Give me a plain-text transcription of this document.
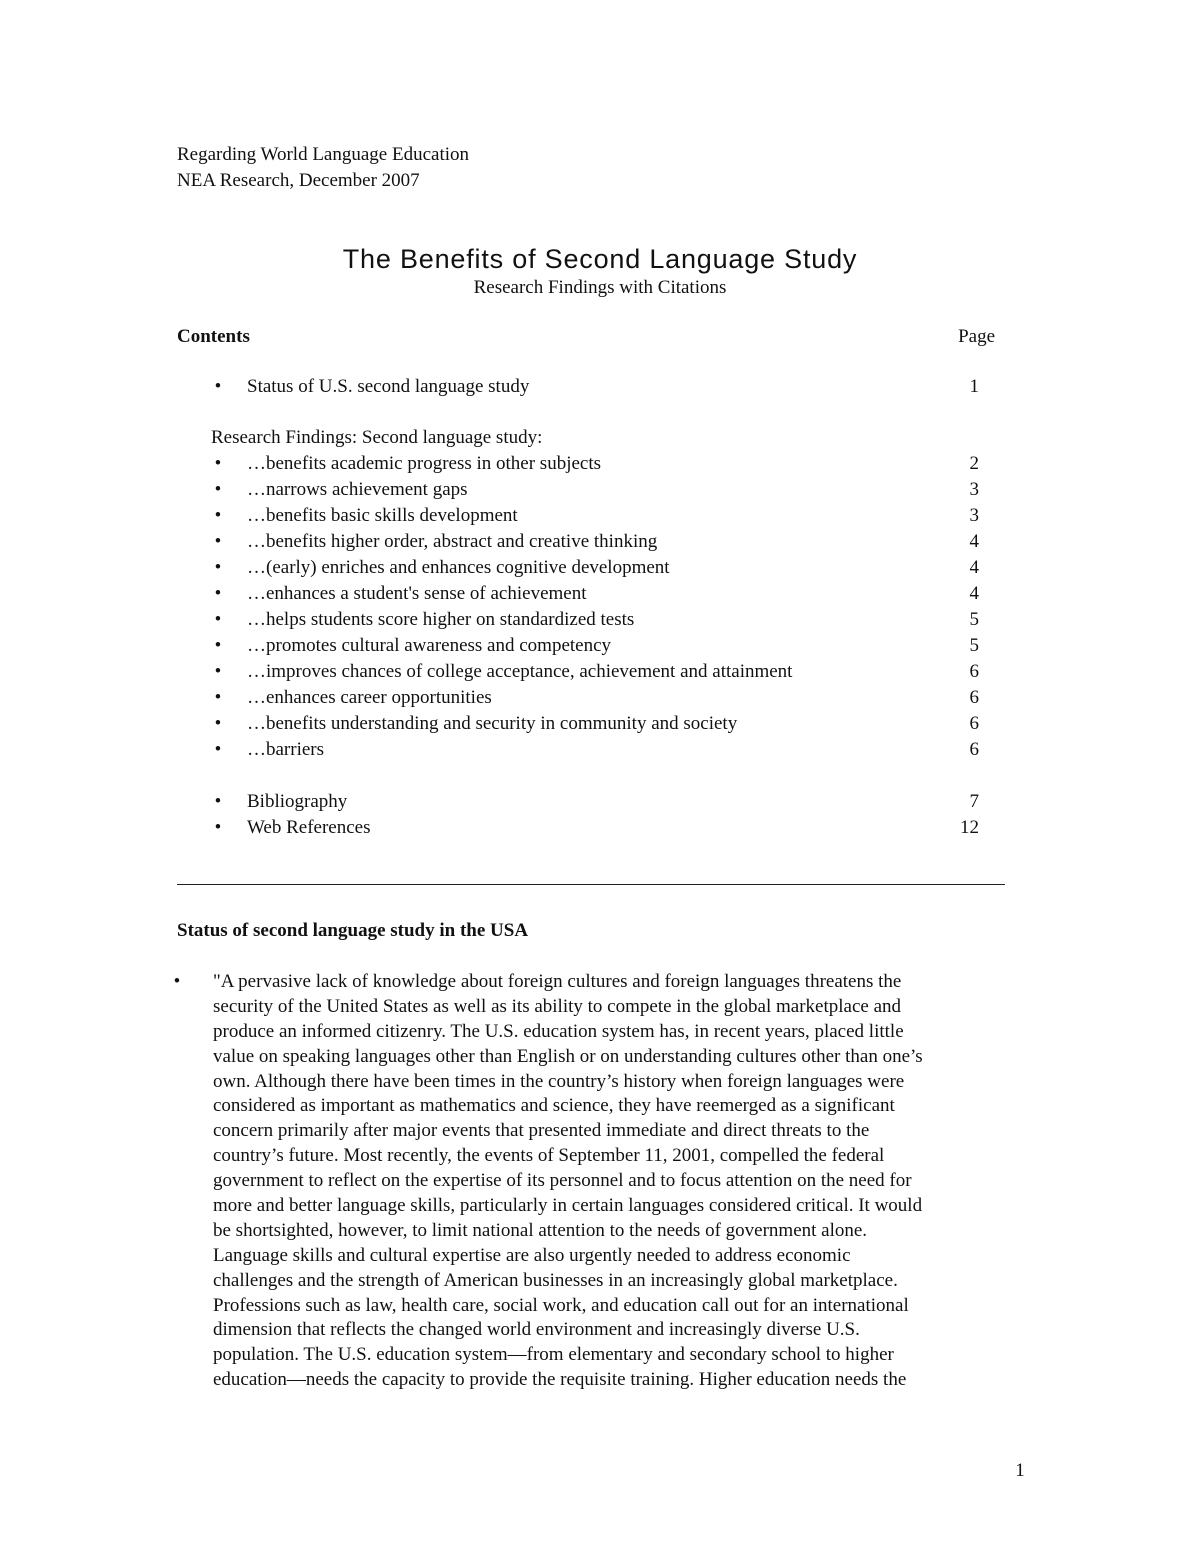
Regarding World Language Education
NEA Research, December 2007
The Benefits of Second Language Study
Research Findings with Citations
Contents	Page
• Status of U.S. second language study	1
Research Findings: Second language study:
• …benefits academic progress in other subjects	2
• …narrows achievement gaps	3
• …benefits basic skills development	3
• …benefits higher order, abstract and creative thinking	4
• …(early) enriches and enhances cognitive development	4
• …enhances a student's sense of achievement	4
• …helps students score higher on standardized tests	5
• …promotes cultural awareness and competency	5
• …improves chances of college acceptance, achievement and attainment	6
• …enhances career opportunities	6
• …benefits understanding and security in community and society	6
• …barriers	6
• Bibliography	7
• Web References	12
Status of second language study in the USA
• "A pervasive lack of knowledge about foreign cultures and foreign languages threatens the
security of the United States as well as its ability to compete in the global marketplace and
produce an informed citizenry. The U.S. education system has, in recent years, placed little
value on speaking languages other than English or on understanding cultures other than one’s
own. Although there have been times in the country’s history when foreign languages were
considered as important as mathematics and science, they have reemerged as a significant
concern primarily after major events that presented immediate and direct threats to the
country’s future. Most recently, the events of September 11, 2001, compelled the federal
government to reflect on the expertise of its personnel and to focus attention on the need for
more and better language skills, particularly in certain languages considered critical. It would
be shortsighted, however, to limit national attention to the needs of government alone.
Language skills and cultural expertise are also urgently needed to address economic
challenges and the strength of American businesses in an increasingly global marketplace.
Professions such as law, health care, social work, and education call out for an international
dimension that reflects the changed world environment and increasingly diverse U.S.
population. The U.S. education system—from elementary and secondary school to higher
education—needs the capacity to provide the requisite training. Higher education needs the
1
